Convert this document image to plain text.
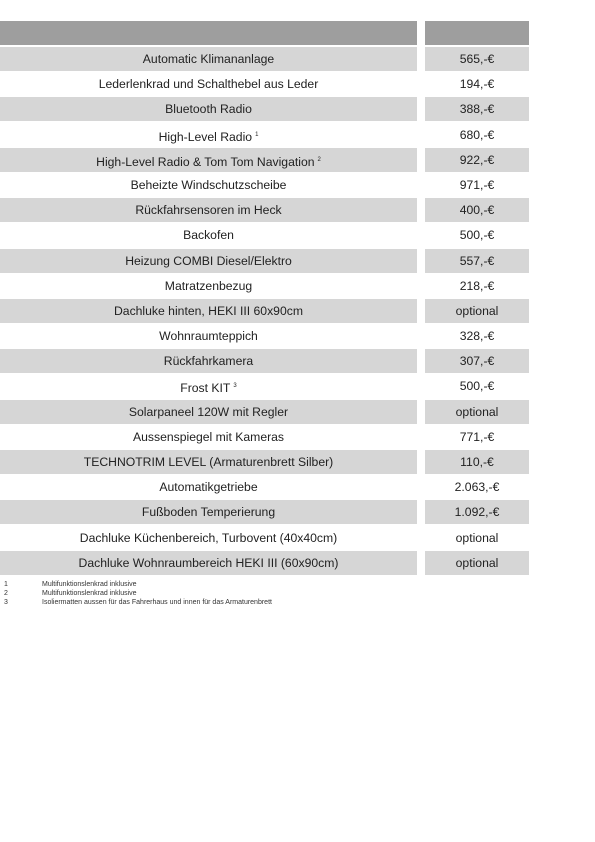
Automatic Klimananlage	565,-€
Lederlenkrad und Schalthebel aus Leder	194,-€
Bluetooth Radio	388,-€
High-Level Radio $^1$	680,-€
High-Level Radio & Tom Tom Navigation $^2$	922,-€
Beheizte Windschutzscheibe	971,-€
Rückfahrsensoren im Heck	400,-€
Backofen	500,-€
Heizung COMBI Diesel/Elektro	557,-€
Matratzenbezug	218,-€
Dachluke hinten, HEKI III 60x90cm	optional
Wohnraumteppich	328,-€
Rückfahrkamera	307,-€
Frost KIT $^3$	500,-€
Solarpaneel 120W mit Regler	optional
Aussenspiegel mit Kameras	771,-€
TECHNOTRIM LEVEL (Armaturenbrett Silber)	110,-€
Automatikgetriebe	2.063,-€
Fußboden Temperierung	1.092,-€
Dachluke Küchenbereich, Turbovent (40x40cm)	optional
Dachluke Wohnraumbereich HEKI III (60x90cm)	optional
1	Multifunktionslenkrad inklusive
2	Multifunktionslenkrad inklusive
3	Isoliermatten aussen für das Fahrerhaus und innen für das Armaturenbrett
